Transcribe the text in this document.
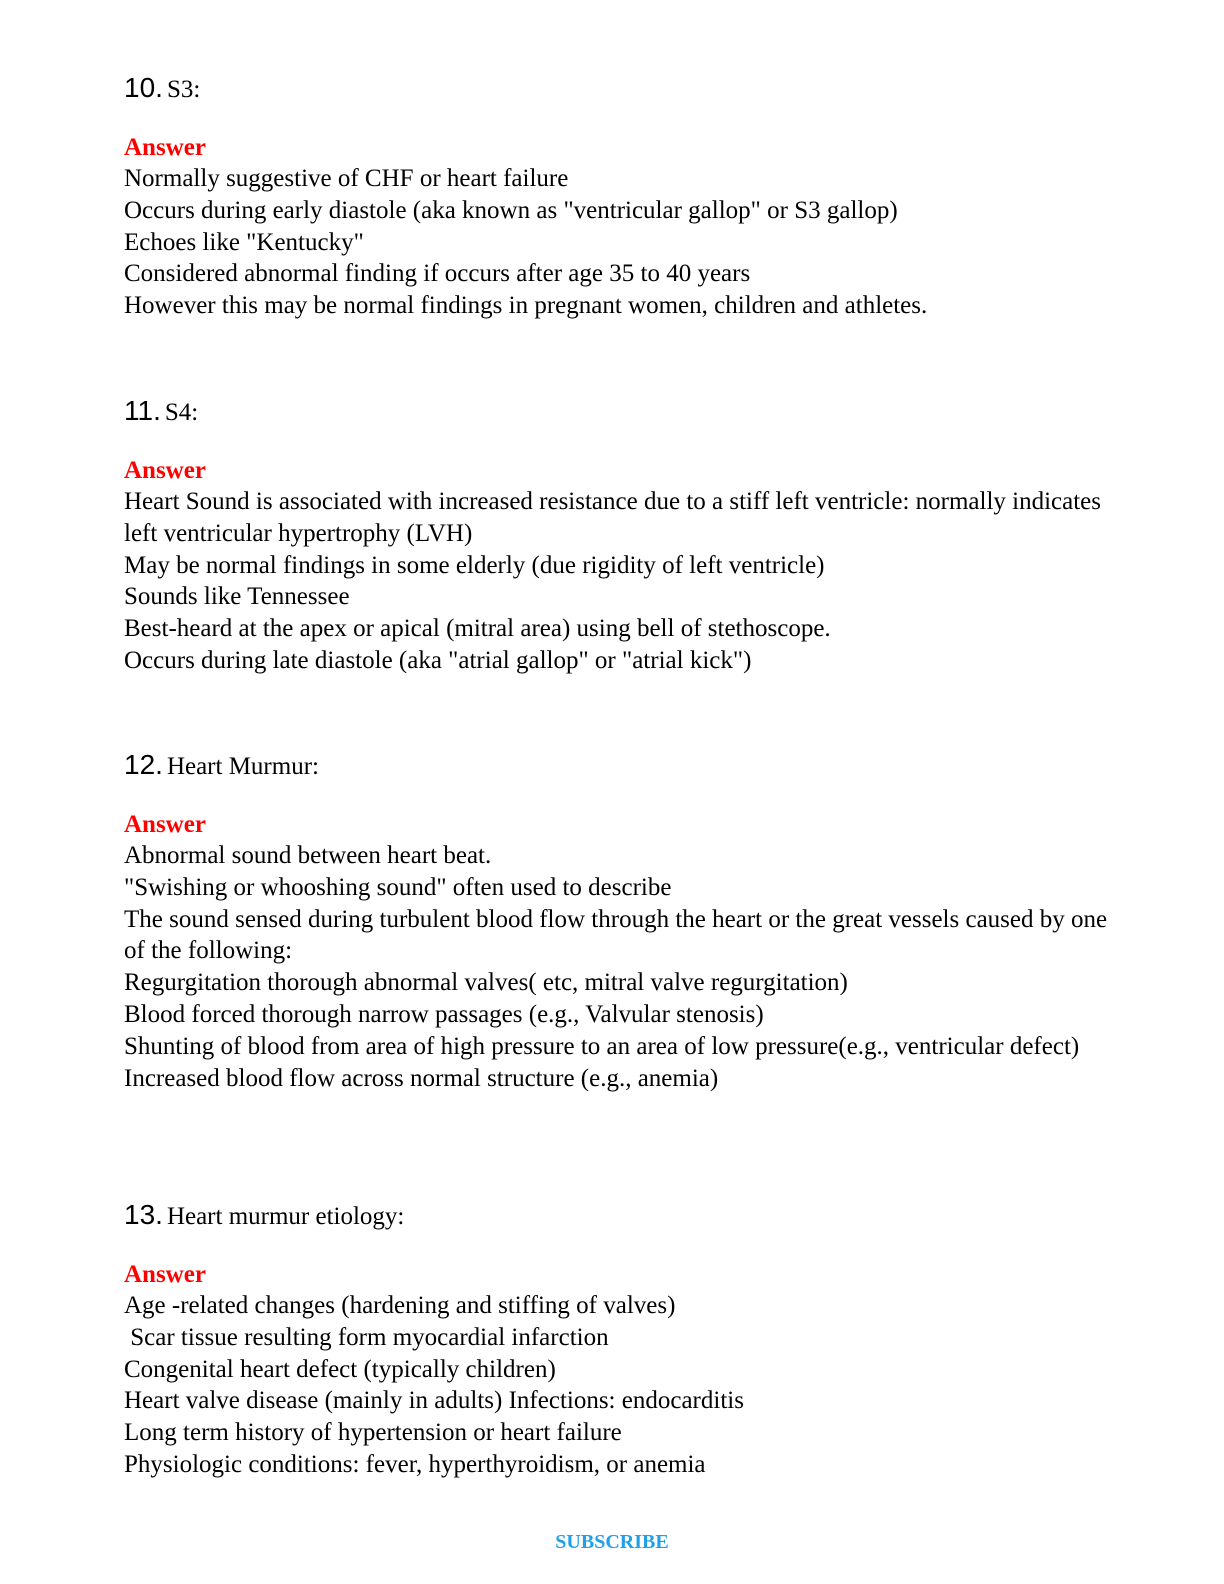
10. S3:
Answer
Normally suggestive of CHF or heart failure
Occurs during early diastole (aka known as "ventricular gallop" or S3 gallop)
Echoes like "Kentucky"
Considered abnormal finding if occurs after age 35 to 40 years
However this may be normal findings in pregnant women, children and athletes.
11. S4:
Answer
Heart Sound is associated with increased resistance due to a stiff left ventricle: normally indicates left ventricular hypertrophy (LVH)
May be normal findings in some elderly (due rigidity of left ventricle)
Sounds like Tennessee
Best-heard at the apex or apical (mitral area) using bell of stethoscope.
Occurs during late diastole (aka "atrial gallop" or "atrial kick")
12. Heart Murmur:
Answer
Abnormal sound between heart beat.
"Swishing or whooshing sound" often used to describe
The sound sensed during turbulent blood flow through the heart or the great vessels caused by one of the following:
Regurgitation thorough abnormal valves( etc, mitral valve regurgitation)
Blood forced thorough narrow passages (e.g., Valvular stenosis)
Shunting of blood from area of high pressure to an area of low pressure(e.g., ventricular defect)
Increased blood flow across normal structure (e.g., anemia)
13. Heart murmur etiology:
Answer
Age -related changes (hardening and stiffing of valves)
Scar tissue resulting form myocardial infarction
Congenital heart defect (typically children)
Heart valve disease (mainly in adults) Infections: endocarditis
Long term history of hypertension or heart failure
Physiologic conditions: fever, hyperthyroidism, or anemia
SUBSCRIBE
